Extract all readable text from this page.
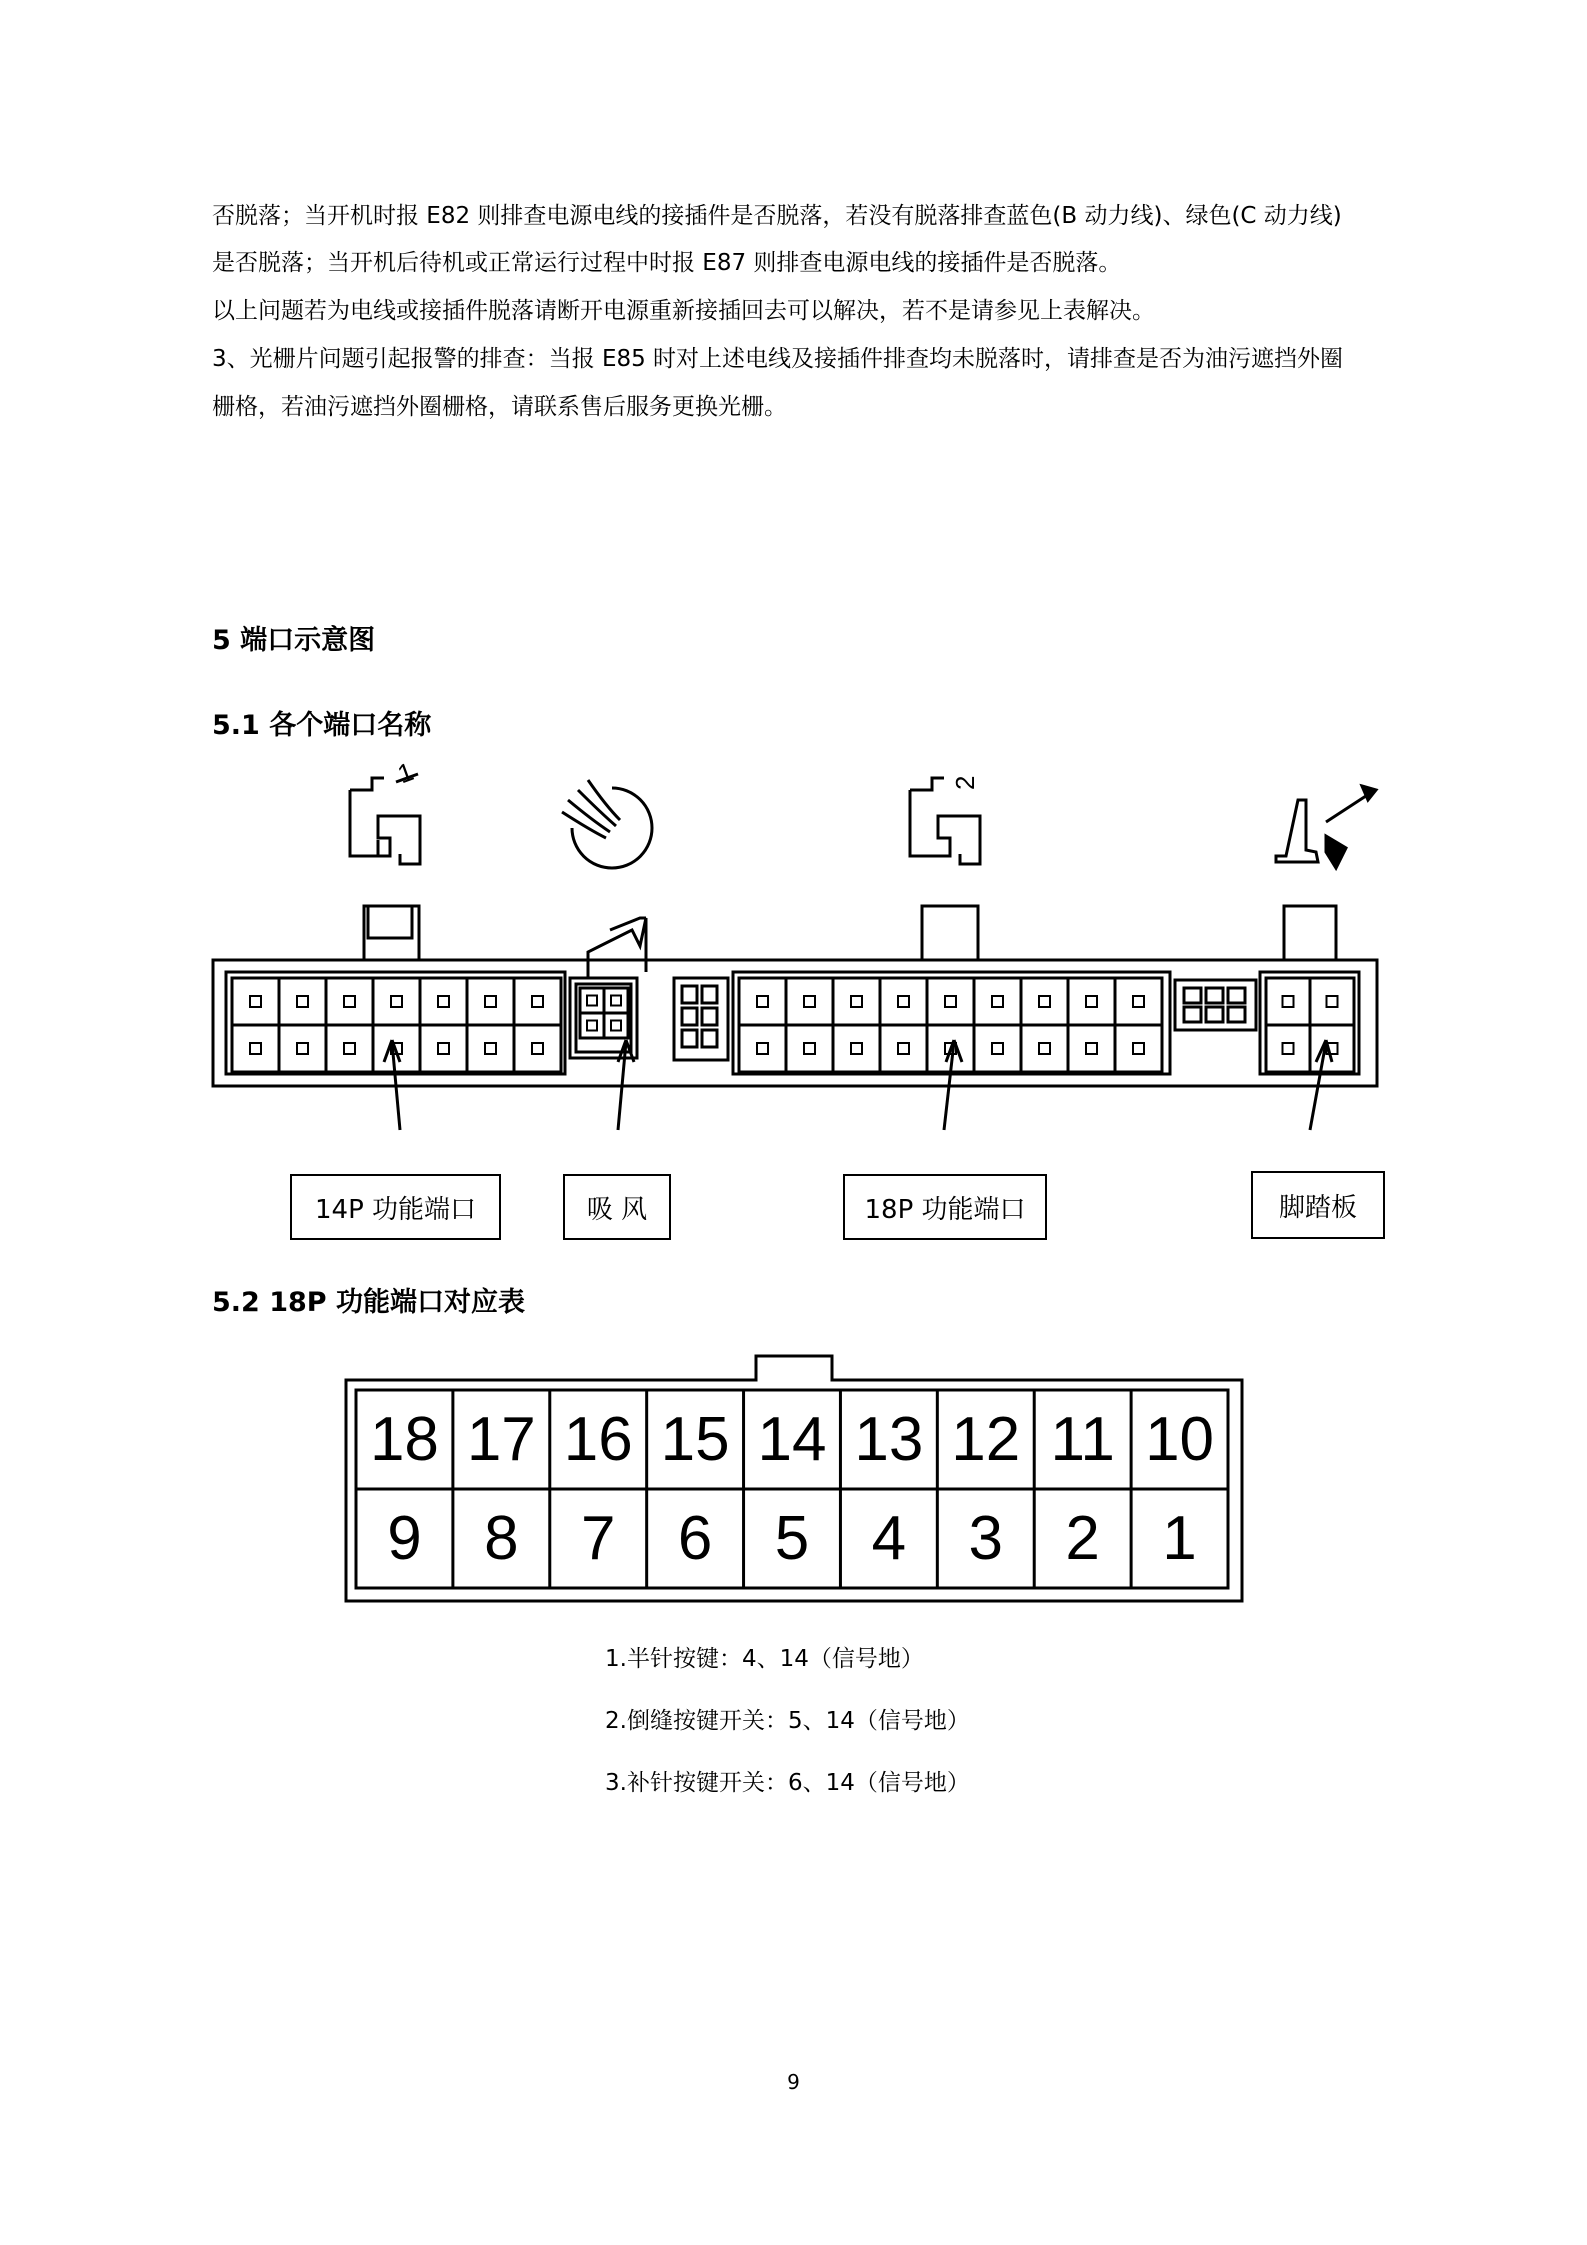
否脱落；当开机时报 E82 则排查电源电线的接插件是否脱落，若没有脱落排查蓝色(B 动力线)、绿色(C 动力线)
是否脱落；当开机后待机或正常运行过程中时报 E87 则排查电源电线的接插件是否脱落。
以上问题若为电线或接插件脱落请断开电源重新接插回去可以解决，若不是请参见上表解决。
3、光栅片问题引起报警的排查：当报 E85 时对上述电线及接插件排查均未脱落时，请排查是否为油污遮挡外圈
栅格，若油污遮挡外圈栅格，请联系售后服务更换光栅。
5 端口示意图
5.1 各个端口名称
1	2
14P 功能端口	吸 风	18P 功能端口	脚踏板
5.2 18P 功能端口对应表
18 17 16 15 14 13 12 11 10
9	8	7	6	5	4	3	2	1
1.半针按键：4、14（信号地）
2.倒缝按键开关：5、14（信号地）
3.补针按键开关：6、14（信号地）
9
